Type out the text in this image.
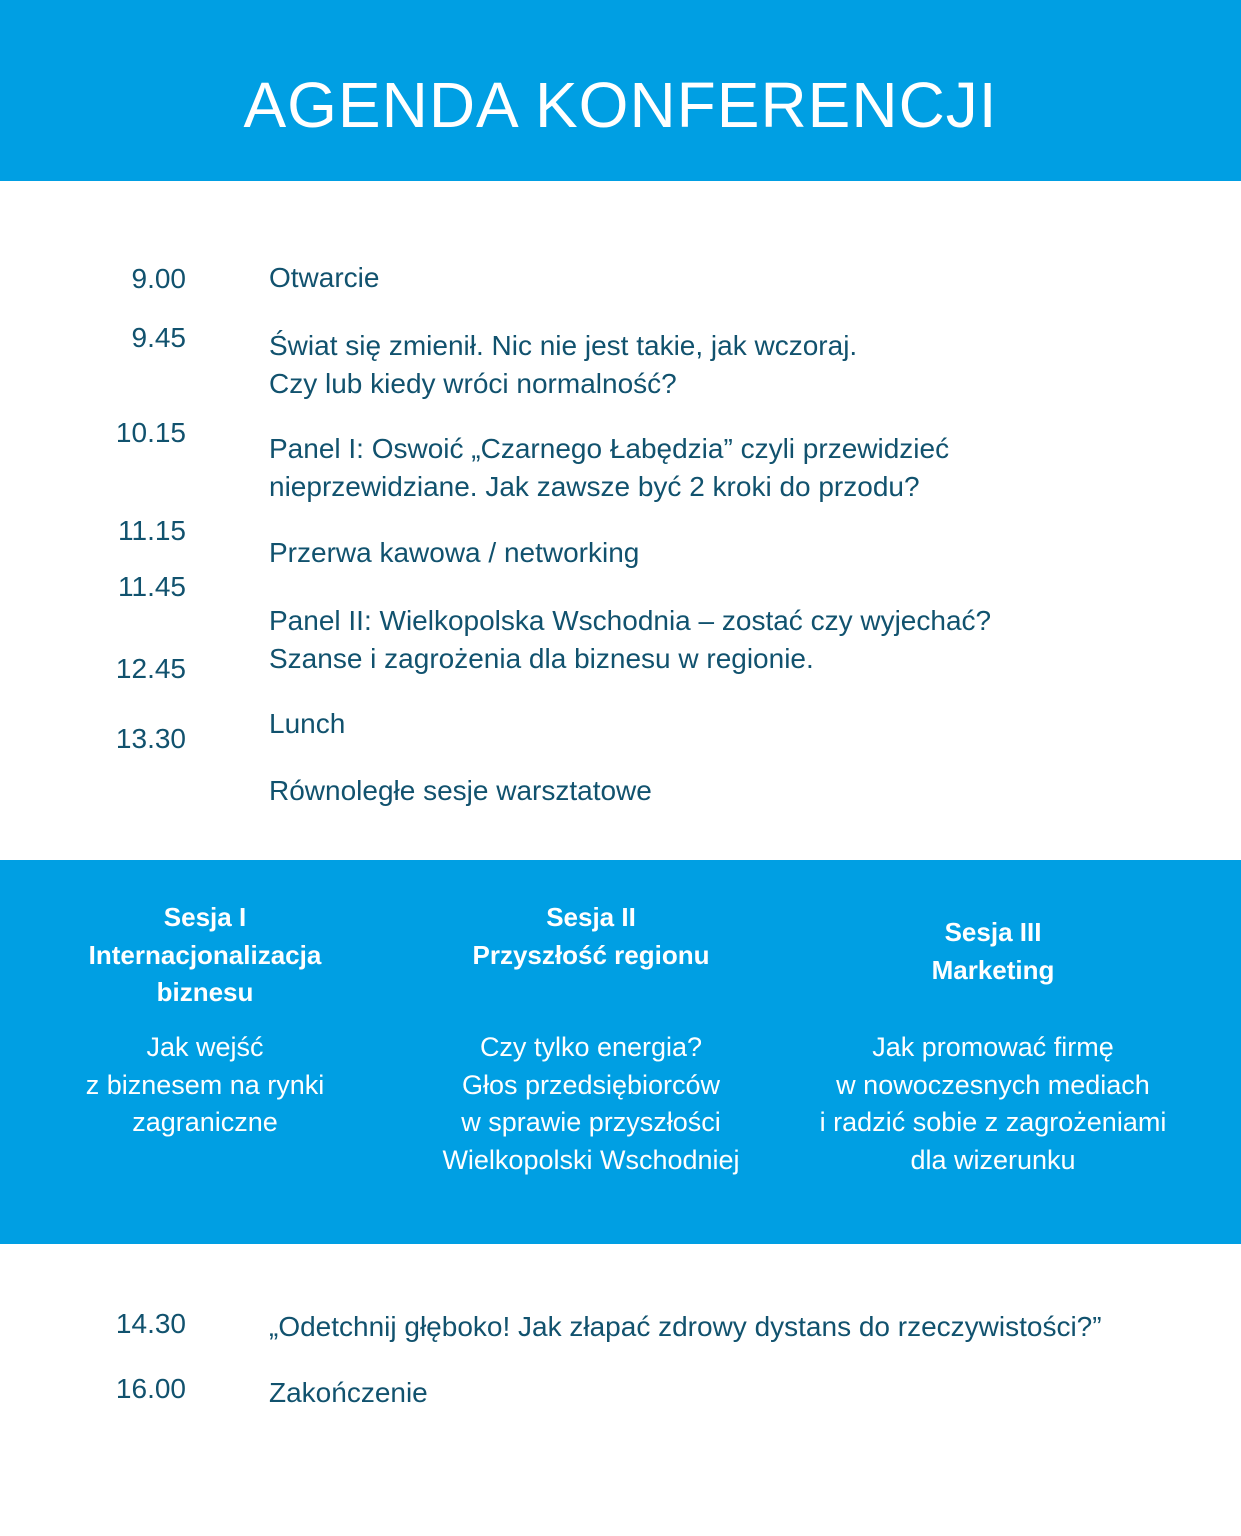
AGENDA KONFERENCJI
9.00
9.45
10.15
11.15
11.45
12.45
13.30
Otwarcie
Świat się zmienił. Nic nie jest takie, jak wczoraj.
Czy lub kiedy wróci normalność?
Panel I: Oswoić „Czarnego Łabędzia” czyli przewidzieć
nieprzewidziane. Jak zawsze być 2 kroki do przodu?
Przerwa kawowa / networking
Panel II: Wielkopolska Wschodnia – zostać czy wyjechać?
Szanse i zagrożenia dla biznesu w regionie.
Lunch
Równoległe sesje warsztatowe
Sesja I
Internacjonalizacja
biznesu
Jak wejść
z biznesem na rynki
zagraniczne
Sesja II
Przyszłość regionu
Czy tylko energia?
Głos przedsiębiorców
w sprawie przyszłości
Wielkopolski Wschodniej
Sesja III
Marketing
Jak promować firmę
w nowoczesnych mediach
i radzić sobie z zagrożeniami
dla wizerunku
14.30	„Odetchnij głęboko! Jak złapać zdrowy dystans do rzeczywistości?”
16.00	Zakończenie
